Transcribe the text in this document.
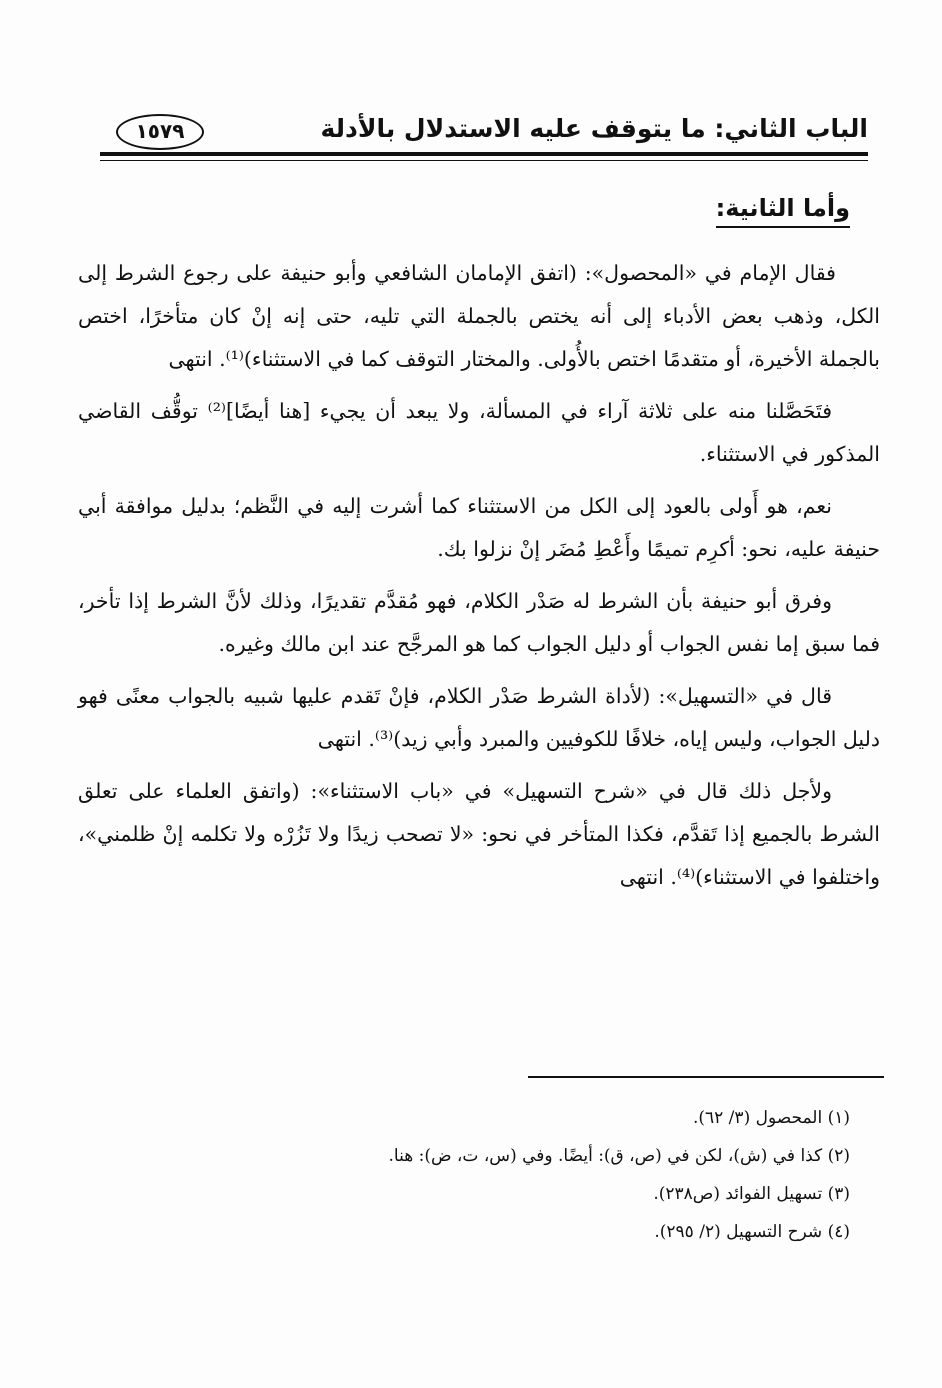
الباب الثاني: ما يتوقف عليه الاستدلال بالأدلة
١٥٧٩
وأما الثانية:

فقال الإمام في «المحصول»: (اتفق الإمامان الشافعي وأبو حنيفة على رجوع الشرط إلى الكل، وذهب بعض الأدباء إلى أنه يختص بالجملة التي تليه، حتى إنه إنْ كان متأخرًا، اختص بالجملة الأخيرة، أو متقدمًا اختص بالأُولى. والمختار التوقف كما في الاستثناء)⁽¹⁾. انتهى

فتَحَصَّلنا منه على ثلاثة آراء في المسألة، ولا يبعد أن يجيء [هنا أيضًا]⁽²⁾ توقُّف القاضي المذكور في الاستثناء.

نعم، هو أَولى بالعود إلى الكل من الاستثناء كما أشرت إليه في النَّظم؛ بدليل موافقة أبي حنيفة عليه، نحو: أكرِم تميمًا وأَعْطِ مُضَر إنْ نزلوا بك.

وفرق أبو حنيفة بأن الشرط له صَدْر الكلام، فهو مُقدَّم تقديرًا، وذلك لأنَّ الشرط إذا تأخر، فما سبق إما نفس الجواب أو دليل الجواب كما هو المرجَّح عند ابن مالك وغيره.

قال في «التسهيل»: (لأداة الشرط صَدْر الكلام، فإنْ تَقدم عليها شبيه بالجواب معنًى فهو دليل الجواب، وليس إياه، خلافًا للكوفيين والمبرد وأبي زيد)⁽³⁾. انتهى

ولأجل ذلك قال في «شرح التسهيل» في «باب الاستثناء»: (واتفق العلماء على تعلق الشرط بالجميع إذا تَقدَّم، فكذا المتأخر في نحو: «لا تصحب زيدًا ولا تَزُرْه ولا تكلمه إنْ ظلمني»، واختلفوا في الاستثناء)⁽⁴⁾. انتهى

(١) المحصول (٣/ ٦٢).

(٢) كذا في (ش)، لكن في (ص، ق): أيضًا. وفي (س، ت، ض): هنا.

(٣) تسهيل الفوائد (ص٢٣٨).

(٤) شرح التسهيل (٢/ ٢٩٥).
